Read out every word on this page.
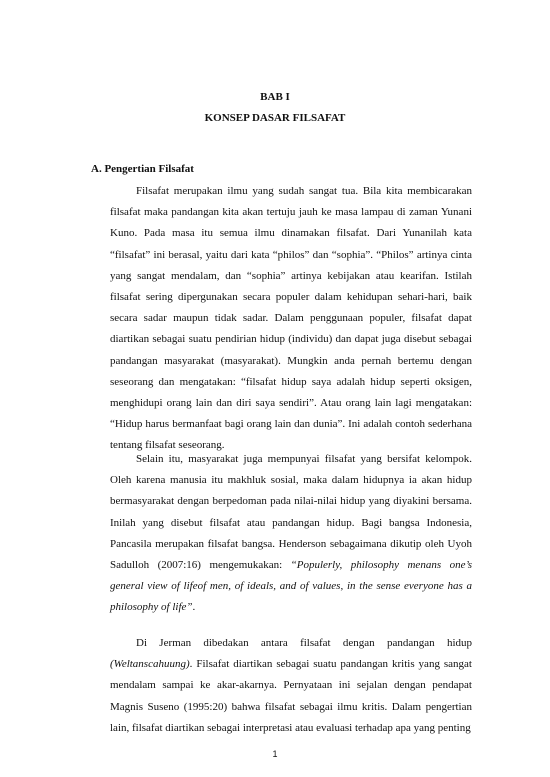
BAB I
KONSEP DASAR FILSAFAT
A. Pengertian Filsafat

Filsafat merupakan ilmu yang sudah sangat tua. Bila kita membicarakan filsafat maka pandangan kita akan tertuju jauh ke masa lampau di zaman Yunani Kuno. Pada masa itu semua ilmu dinamakan filsafat. Dari Yunanilah kata “filsafat” ini berasal, yaitu dari kata “philos” dan “sophia”. “Philos” artinya cinta yang sangat mendalam, dan “sophia” artinya kebijakan atau kearifan. Istilah filsafat sering dipergunakan secara populer dalam kehidupan sehari-hari, baik secara sadar maupun tidak sadar. Dalam penggunaan populer, filsafat dapat diartikan sebagai suatu pendirian hidup (individu) dan dapat juga disebut sebagai pandangan masyarakat (masyarakat). Mungkin anda pernah bertemu dengan seseorang dan mengatakan: “filsafat hidup saya adalah hidup seperti oksigen, menghidupi orang lain dan diri saya sendiri”. Atau orang lain lagi mengatakan: “Hidup harus bermanfaat bagi orang lain dan dunia”. Ini adalah contoh sederhana tentang filsafat seseorang.

Selain itu, masyarakat juga mempunyai filsafat yang bersifat kelompok. Oleh karena manusia itu makhluk sosial, maka dalam hidupnya ia akan hidup bermasyarakat dengan berpedoman pada nilai-nilai hidup yang diyakini bersama. Inilah yang disebut filsafat atau pandangan hidup. Bagi bangsa Indonesia, Pancasila merupakan filsafat bangsa. Henderson sebagaimana dikutip oleh Uyoh Sadulloh (2007:16) mengemukakan: “Populerly, philosophy menans one’s general view of lifeof men, of ideals, and of values, in the sense everyone has a philosophy of life”.

Di Jerman dibedakan antara filsafat dengan pandangan hidup (Weltanscahuung). Filsafat diartikan sebagai suatu pandangan kritis yang sangat mendalam sampai ke akar-akarnya. Pernyataan ini sejalan dengan pendapat Magnis Suseno (1995:20) bahwa filsafat sebagai ilmu kritis. Dalam pengertian lain, filsafat diartikan sebagai interpretasi atau evaluasi terhadap apa yang penting

1
